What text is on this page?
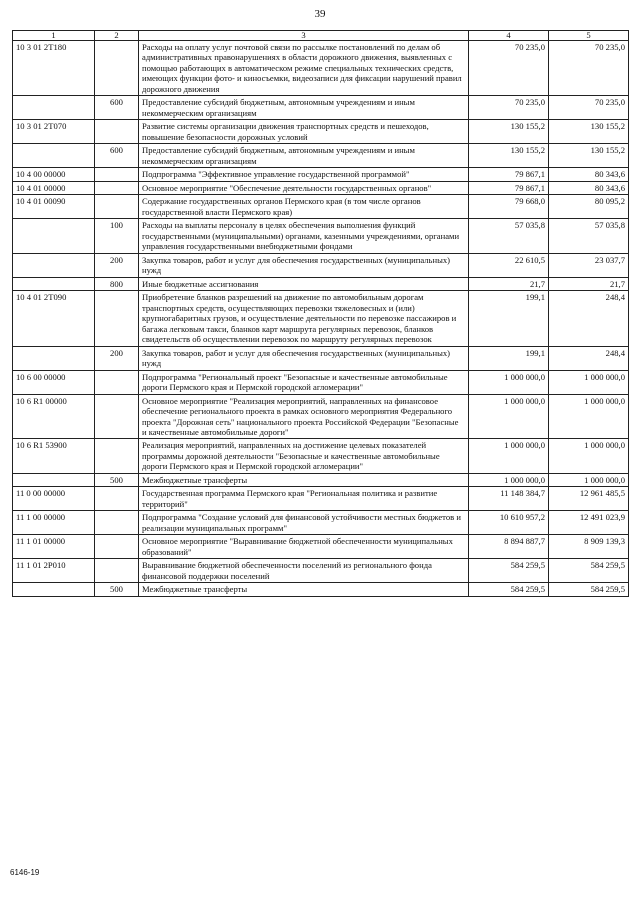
39
1	2	3	4	5
10 3 01 2Т180		Расходы на оплату услуг почтовой связи по рассылке постановлений по делам об административных правонарушениях в области дорожного движения, выявленных с помощью работающих в автоматическом режиме специальных технических средств, имеющих функции фото- и киносъемки, видеозаписи для фиксации нарушений правил дорожного движения	70 235,0	70 235,0
	600	Предоставление субсидий бюджетным, автономным учреждениям и иным некоммерческим организациям	70 235,0	70 235,0
10 3 01 2Т070		Развитие системы организации движения транспортных средств и пешеходов, повышение безопасности дорожных условий	130 155,2	130 155,2
	600	Предоставление субсидий бюджетным, автономным учреждениям и иным некоммерческим организациям	130 155,2	130 155,2
10 4 00 00000		Подпрограмма "Эффективное управление государственной программой"	79 867,1	80 343,6
10 4 01 00000		Основное мероприятие "Обеспечение деятельности государственных органов"	79 867,1	80 343,6
10 4 01 00090		Содержание государственных органов Пермского края (в том числе органов государственной власти Пермского края)	79 668,0	80 095,2
	100	Расходы на выплаты персоналу в целях обеспечения выполнения функций государственными (муниципальными) органами, казенными учреждениями, органами управления государственными внебюджетными фондами	57 035,8	57 035,8
	200	Закупка товаров, работ и услуг для обеспечения государственных (муниципальных) нужд	22 610,5	23 037,7
	800	Иные бюджетные ассигнования	21,7	21,7
10 4 01 2Т090		Приобретение бланков разрешений на движение по автомобильным дорогам транспортных средств, осуществляющих перевозки тяжеловесных и (или) крупногабаритных грузов, и осуществление деятельности по перевозке пассажиров и багажа легковым такси, бланков карт маршрута регулярных перевозок, бланков свидетельств об осуществлении перевозок по маршруту регулярных перевозок	199,1	248,4
	200	Закупка товаров, работ и услуг для обеспечения государственных (муниципальных) нужд	199,1	248,4
10 6 00 00000		Подпрограмма "Региональный проект "Безопасные и качественные автомобильные дороги Пермского края и Пермской городской агломерации"	1 000 000,0	1 000 000,0
10 6 R1 00000		Основное мероприятие "Реализация мероприятий, направленных на финансовое обеспечение регионального проекта в рамках основного мероприятия Федерального проекта "Дорожная сеть" национального проекта Российской Федерации "Безопасные и качественные автомобильные дороги"	1 000 000,0	1 000 000,0
10 6 R1 53900		Реализация мероприятий, направленных на достижение целевых показателей программы дорожной деятельности "Безопасные и качественные автомобильные дороги Пермского края и Пермской городской агломерации"	1 000 000,0	1 000 000,0
	500	Межбюджетные трансферты	1 000 000,0	1 000 000,0
11 0 00 00000		Государственная программа Пермского края "Региональная политика и развитие территорий"	11 148 384,7	12 961 485,5
11 1 00 00000		Подпрограмма "Создание условий для финансовой устойчивости местных бюджетов и реализации муниципальных программ"	10 610 957,2	12 491 023,9
11 1 01 00000		Основное мероприятие "Выравнивание бюджетной обеспеченности муниципальных образований"	8 894 887,7	8 909 139,3
11 1 01 2Р010		Выравнивание бюджетной обеспеченности поселений из регионального фонда финансовой поддержки поселений	584 259,5	584 259,5
	500	Межбюджетные трансферты	584 259,5	584 259,5
6146-19
